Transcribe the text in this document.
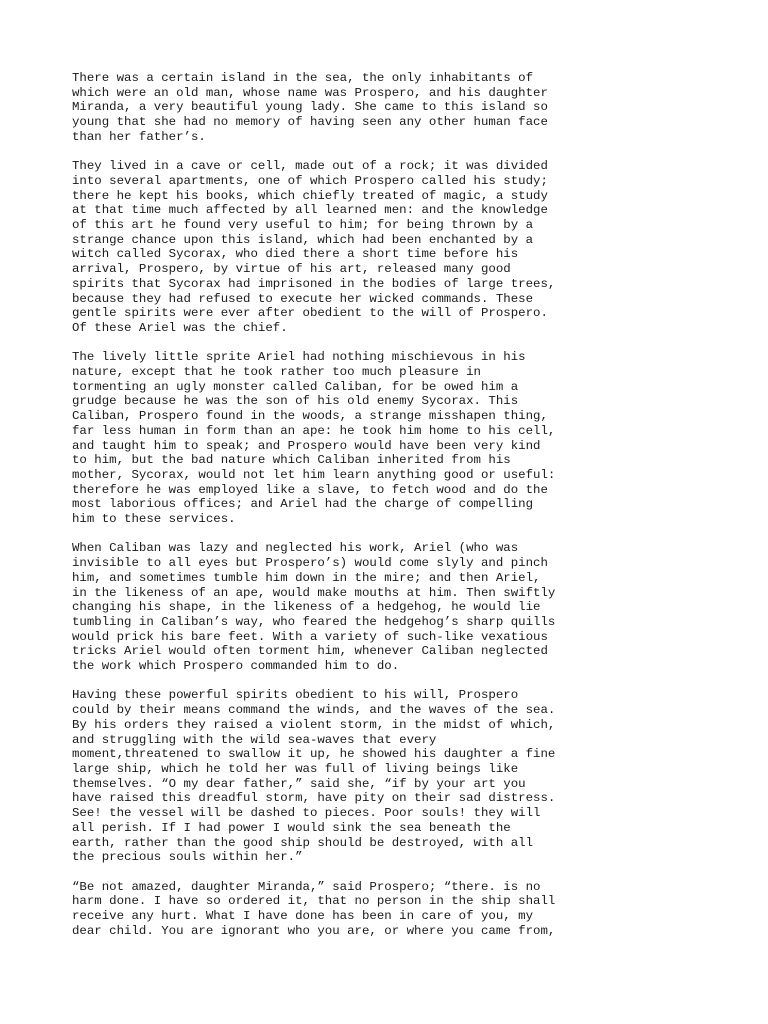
There was a certain island in the sea, the only inhabitants of
which were an old man, whose name was Prospero, and his daughter
Miranda, a very beautiful young lady. She came to this island so
young that she had no memory of having seen any other human face
than her father’s.

They lived in a cave or cell, made out of a rock; it was divided
into several apartments, one of which Prospero called his study;
there he kept his books, which chiefly treated of magic, a study
at that time much affected by all learned men: and the knowledge
of this art he found very useful to him; for being thrown by a
strange chance upon this island, which had been enchanted by a
witch called Sycorax, who died there a short time before his
arrival, Prospero, by virtue of his art, released many good
spirits that Sycorax had imprisoned in the bodies of large trees,
because they had refused to execute her wicked commands. These
gentle spirits were ever after obedient to the will of Prospero.
Of these Ariel was the chief.

The lively little sprite Ariel had nothing mischievous in his
nature, except that he took rather too much pleasure in
tormenting an ugly monster called Caliban, for be owed him a
grudge because he was the son of his old enemy Sycorax. This
Caliban, Prospero found in the woods, a strange misshapen thing,
far less human in form than an ape: he took him home to his cell,
and taught him to speak; and Prospero would have been very kind
to him, but the bad nature which Caliban inherited from his
mother, Sycorax, would not let him learn anything good or useful:
therefore he was employed like a slave, to fetch wood and do the
most laborious offices; and Ariel had the charge of compelling
him to these services.

When Caliban was lazy and neglected his work, Ariel (who was
invisible to all eyes but Prospero’s) would come slyly and pinch
him, and sometimes tumble him down in the mire; and then Ariel,
in the likeness of an ape, would make mouths at him. Then swiftly
changing his shape, in the likeness of a hedgehog, he would lie
tumbling in Caliban’s way, who feared the hedgehog’s sharp quills
would prick his bare feet. With a variety of such-like vexatious
tricks Ariel would often torment him, whenever Caliban neglected
the work which Prospero commanded him to do.

Having these powerful spirits obedient to his will, Prospero
could by their means command the winds, and the waves of the sea.
By his orders they raised a violent storm, in the midst of which,
and struggling with the wild sea-waves that every
moment,threatened to swallow it up, he showed his daughter a fine
large ship, which he told her was full of living beings like
themselves. “O my dear father,” said she, “if by your art you
have raised this dreadful storm, have pity on their sad distress.
See! the vessel will be dashed to pieces. Poor souls! they will
all perish. If I had power I would sink the sea beneath the
earth, rather than the good ship should be destroyed, with all
the precious souls within her.”

“Be not amazed, daughter Miranda,” said Prospero; “there. is no
harm done. I have so ordered it, that no person in the ship shall
receive any hurt. What I have done has been in care of you, my
dear child. You are ignorant who you are, or where you came from,
